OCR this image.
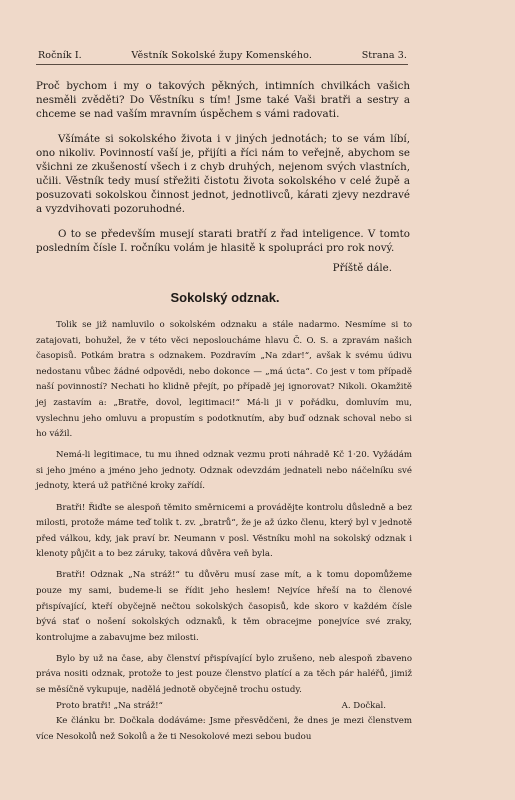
Ročník I.	Věstník Sokolské župy Komenského.	Strana 3.

Proč bychom i my o takových pěkných, intimních chvilkách vašich nesměli zvěděti? Do Věstníku s tím! Jsme také Vaši bratři a sestry a chceme se nad vaším mravním úspěchem s vámi radovati.

Všímáte si sokolského života i v jiných jednotách; to se vám líbí, ono nikoliv. Povinností vaší je, přijíti a říci nám to veřejně, abychom se všichni ze zkušeností všech i z chyb druhých, nejenom svých vlastních, učili. Věstník tedy musí střežiti čistotu života sokolského v celé župě a posuzovati sokolskou činnost jednot, jednotlivců, kárati zjevy nezdravé a vyzdvihovati pozoruhodné.

O to se především musejí starati bratří z řad inteligence. V tomto posledním čísle I. ročníku volám je hlasitě k spolupráci pro rok nový.

Příště dále.
Sokolský odznak.

Tolik se již namluvilo o sokolském odznaku a stále nadarmo. Nesmíme si to zatajovati, bohužel, že v této věci neposloucháme hlavu Č. O. S. a zpravám našich časopisů. Potkám bratra s odznakem. Pozdravím „Na zdar!“, avšak k svému údivu nedostanu vůbec žádné odpovědi, nebo dokonce — „má úcta“. Co jest v tom případě naší povinností? Nechati ho klidně přejít, po případě jej ignorovat? Nikoli. Okamžitě jej zastavím a: „Bratře, dovol, legitimaci!“ Má-li ji v pořádku, domluvím mu, vyslechnu jeho omluvu a propustím s podotknutím, aby buď odznak schoval nebo si ho vážil.

Nemá-li legitimace, tu mu ihned odznak vezmu proti náhradě Kč 1·20. Vyžádám si jeho jméno a jméno jeho jednoty. Odznak odevzdám jednateli nebo náčelníku své jednoty, která už patřičné kroky zařídí.

Bratři! Řiďte se alespoň těmito směrnicemi a provádějte kontrolu důsledně a bez milosti, protože máme teď tolik t. zv. „bratrů“, že je až úzko členu, který byl v jednotě před válkou, kdy, jak praví br. Neumann v posl. Věstníku mohl na sokolský odznak i klenoty půjčit a to bez záruky, taková důvěra veň byla.

Bratři! Odznak „Na stráž!“ tu důvěru musí zase mít, a k tomu dopomůžeme pouze my sami, budeme-li se řídit jeho heslem! Nejvíce hřeší na to členové přispívající, kteří obyčejně nečtou sokolských časopisů, kde skoro v každém čísle bývá stať o nošení sokolských odznaků, k těm obracejme ponejvíce své zraky, kontrolujme a zabavujme bez milosti.

Bylo by už na čase, aby členství přispívající bylo zrušeno, neb alespoň zbaveno práva nositi odznak, protože to jest pouze členstvo platící a za těch pár haléřů, jimiž se měsíčně vykupuje, nadělá jednotě obyčejně trochu ostudy.

Proto bratři! „Na stráž!“	A. Dočkal.

Ke článku br. Dočkala dodáváme: Jsme přesvědčeni, že dnes je mezi členstvem více Nesokolů než Sokolů a že ti Nesokolové mezi sebou budou
